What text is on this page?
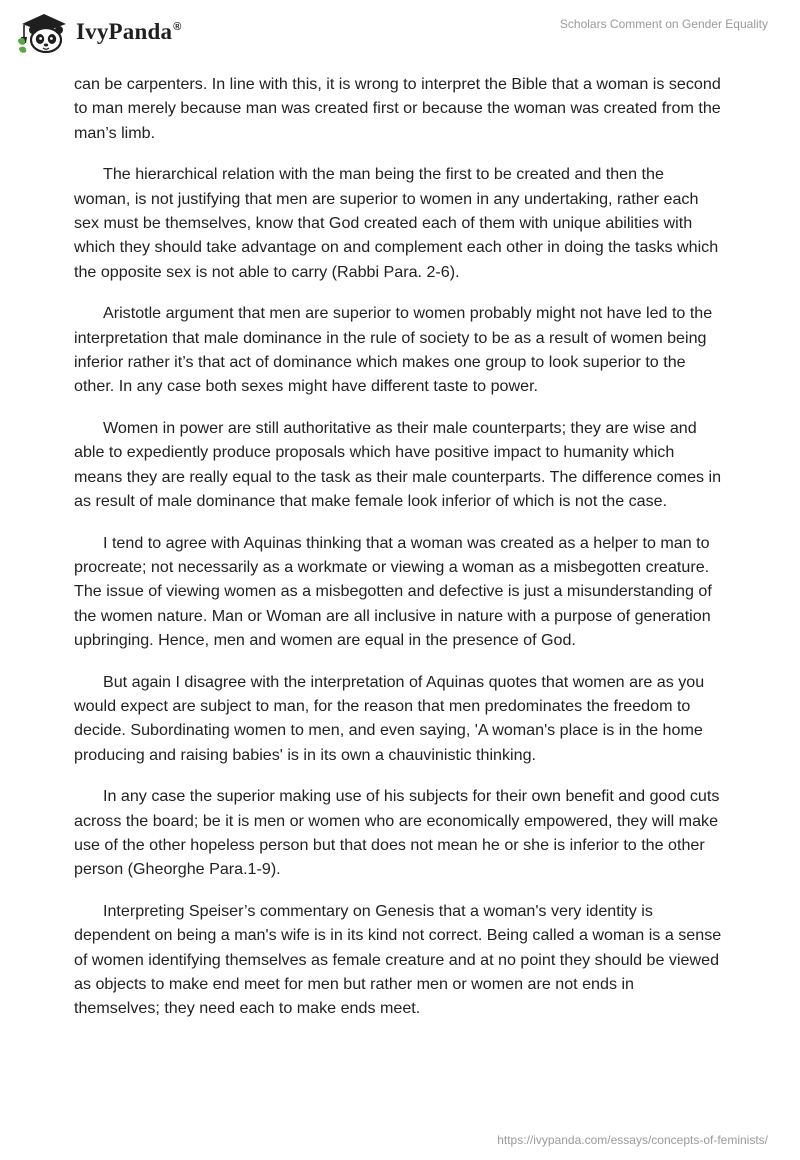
IvyPanda®	Scholars Comment on Gender Equality

can be carpenters. In line with this, it is wrong to interpret the Bible that a woman is second to man merely because man was created first or because the woman was created from the man’s limb.

The hierarchical relation with the man being the first to be created and then the woman, is not justifying that men are superior to women in any undertaking, rather each sex must be themselves, know that God created each of them with unique abilities with which they should take advantage on and complement each other in doing the tasks which the opposite sex is not able to carry (Rabbi Para. 2-6).

Aristotle argument that men are superior to women probably might not have led to the interpretation that male dominance in the rule of society to be as a result of women being inferior rather it’s that act of dominance which makes one group to look superior to the other. In any case both sexes might have different taste to power.

Women in power are still authoritative as their male counterparts; they are wise and able to expediently produce proposals which have positive impact to humanity which means they are really equal to the task as their male counterparts. The difference comes in as result of male dominance that make female look inferior of which is not the case.

I tend to agree with Aquinas thinking that a woman was created as a helper to man to procreate; not necessarily as a workmate or viewing a woman as a misbegotten creature. The issue of viewing women as a misbegotten and defective is just a misunderstanding of the women nature. Man or Woman are all inclusive in nature with a purpose of generation upbringing. Hence, men and women are equal in the presence of God.

But again I disagree with the interpretation of Aquinas quotes that women are as you would expect are subject to man, for the reason that men predominates the freedom to decide. Subordinating women to men, and even saying, 'A woman's place is in the home producing and raising babies' is in its own a chauvinistic thinking.

In any case the superior making use of his subjects for their own benefit and good cuts across the board; be it is men or women who are economically empowered, they will make use of the other hopeless person but that does not mean he or she is inferior to the other person (Gheorghe Para.1-9).

Interpreting Speiser’s commentary on Genesis that a woman's very identity is dependent on being a man's wife is in its kind not correct. Being called a woman is a sense of women identifying themselves as female creature and at no point they should be viewed as objects to make end meet for men but rather men or women are not ends in themselves; they need each to make ends meet.

https://ivypanda.com/essays/concepts-of-feminists/
